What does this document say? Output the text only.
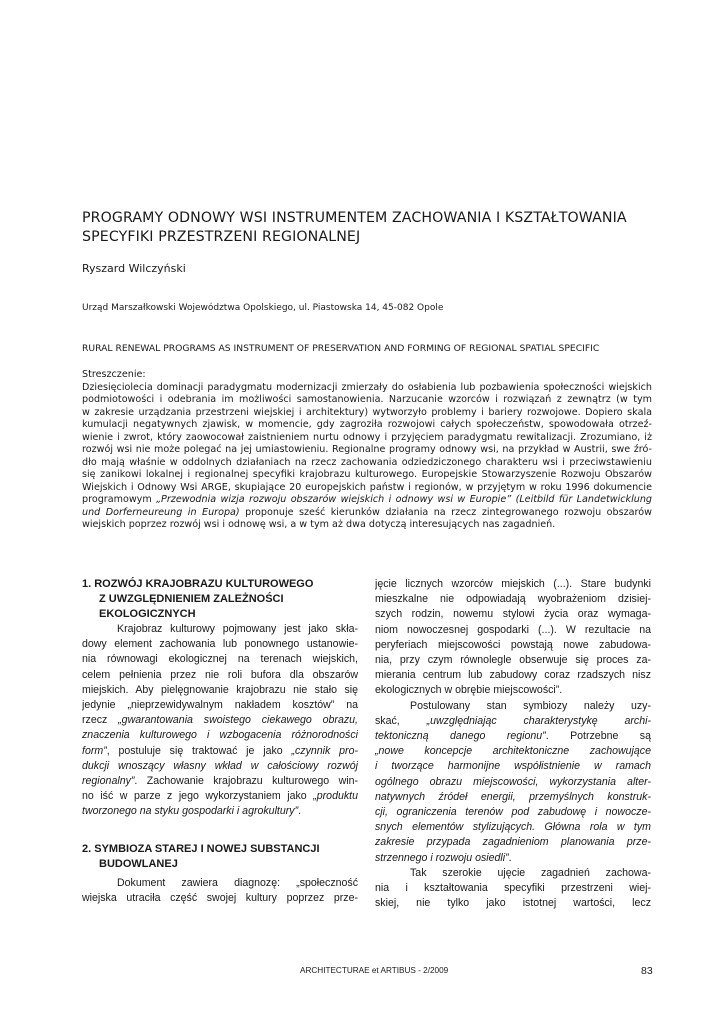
PROGRAMY ODNOWY WSI INSTRUMENTEM ZACHOWANIA I KSZTAŁTOWANIA
SPECYFIKI PRZESTRZENI REGIONALNEJ
Ryszard Wilczyński
Urząd Marszałkowski Województwa Opolskiego, ul. Piastowska 14, 45-082 Opole
RURAL RENEWAL PROGRAMS AS INSTRUMENT OF PRESERVATION AND FORMING OF REGIONAL SPATIAL SPECIFIC
Streszczenie:
Dziesięciolecia dominacji paradygmatu modernizacji zmierzały do osłabienia lub pozbawienia społeczności wiejskich
podmiotowości i odebrania im możliwości samostanowienia. Narzucanie wzorców i rozwiązań z zewnątrz (w tym
w zakresie urządzania przestrzeni wiejskiej i architektury) wytworzyło problemy i bariery rozwojowe. Dopiero skala
kumulacji negatywnych zjawisk, w momencie, gdy zagroziła rozwojowi całych społeczeństw, spowodowała otrzeź-
wienie i zwrot, który zaowocował zaistnieniem nurtu odnowy i przyjęciem paradygmatu rewitalizacji. Zrozumiano, iż
rozwój wsi nie może polegać na jej umiastowieniu. Regionalne programy odnowy wsi, na przykład w Austrii, swe źró-
dło mają właśnie w oddolnych działaniach na rzecz zachowania odziedziczonego charakteru wsi i przeciwstawieniu
się zanikowi lokalnej i regionalnej specyfiki krajobrazu kulturowego. Europejskie Stowarzyszenie Rozwoju Obszarów
Wiejskich i Odnowy Wsi ARGE, skupiające 20 europejskich państw i regionów, w przyjętym w roku 1996 dokumencie
programowym „Przewodnia wizja rozwoju obszarów wiejskich i odnowy wsi w Europie” (Leitbild für Landetwicklung
und Dorferneureung in Europa) proponuje sześć kierunków działania na rzecz zintegrowanego rozwoju obszarów
wiejskich poprzez rozwój wsi i odnowę wsi, a w tym aż dwa dotyczą interesujących nas zagadnień.
1. ROZWÓJ KRAJOBRAZU KULTUROWEGO
Z UWZGLĘDNIENIEM ZALEŻNOŚCI
EKOLOGICZNYCH
Krajobraz kulturowy pojmowany jest jako skła-
dowy element zachowania lub ponownego ustanowie-
nia równowagi ekologicznej na terenach wiejskich,
celem pełnienia przez nie roli bufora dla obszarów
miejskich. Aby pielęgnowanie krajobrazu nie stało się
jedynie „nieprzewidywalnym nakładem kosztów” na
rzecz „gwarantowania swoistego ciekawego obrazu,
znaczenia kulturowego i wzbogacenia różnorodności
form”, postuluje się traktować je jako „czynnik pro-
dukcji wnoszący własny wkład w całościowy rozwój
regionalny”. Zachowanie krajobrazu kulturowego win-
no iść w parze z jego wykorzystaniem jako „produktu
tworzonego na styku gospodarki i agrokultury”.
2. SYMBIOZA STAREJ I NOWEJ SUBSTANCJI
BUDOWLANEJ
Dokument zawiera diagnozę: „społeczność
wiejska utraciła część swojej kultury poprzez prze-
jęcie licznych wzorców miejskich (...). Stare budynki
mieszkalne nie odpowiadają wyobrażeniom dzisiej-
szych rodzin, nowemu stylowi życia oraz wymaga-
niom nowoczesnej gospodarki (...). W rezultacie na
peryferiach miejscowości powstają nowe zabudowa-
nia, przy czym równolegle obserwuje się proces za-
mierania centrum lub zabudowy coraz rzadszych nisz
ekologicznych w obrębie miejscowości”.
Postulowany stan symbiozy należy uzy-
skać, „uwzględniając charakterystykę archi-
tektoniczną danego regionu”. Potrzebne są
„nowe koncepcje architektoniczne zachowujące
i tworzące harmonijne współistnienie w ramach
ogólnego obrazu miejscowości, wykorzystania alter-
natywnych źródeł energii, przemyślnych konstruk-
cji, ograniczenia terenów pod zabudowę i nowocze-
snych elementów stylizujących. Główna rola w tym
zakresie przypada zagadnieniom planowania prze-
strzennego i rozwoju osiedli”.
Tak szerokie ujęcie zagadnień zachowa-
nia i kształtowania specyfiki przestrzeni wiej-
skiej, nie tylko jako istotnej wartości, lecz
ARCHITECTURAE et ARTIBUS - 2/2009	83
